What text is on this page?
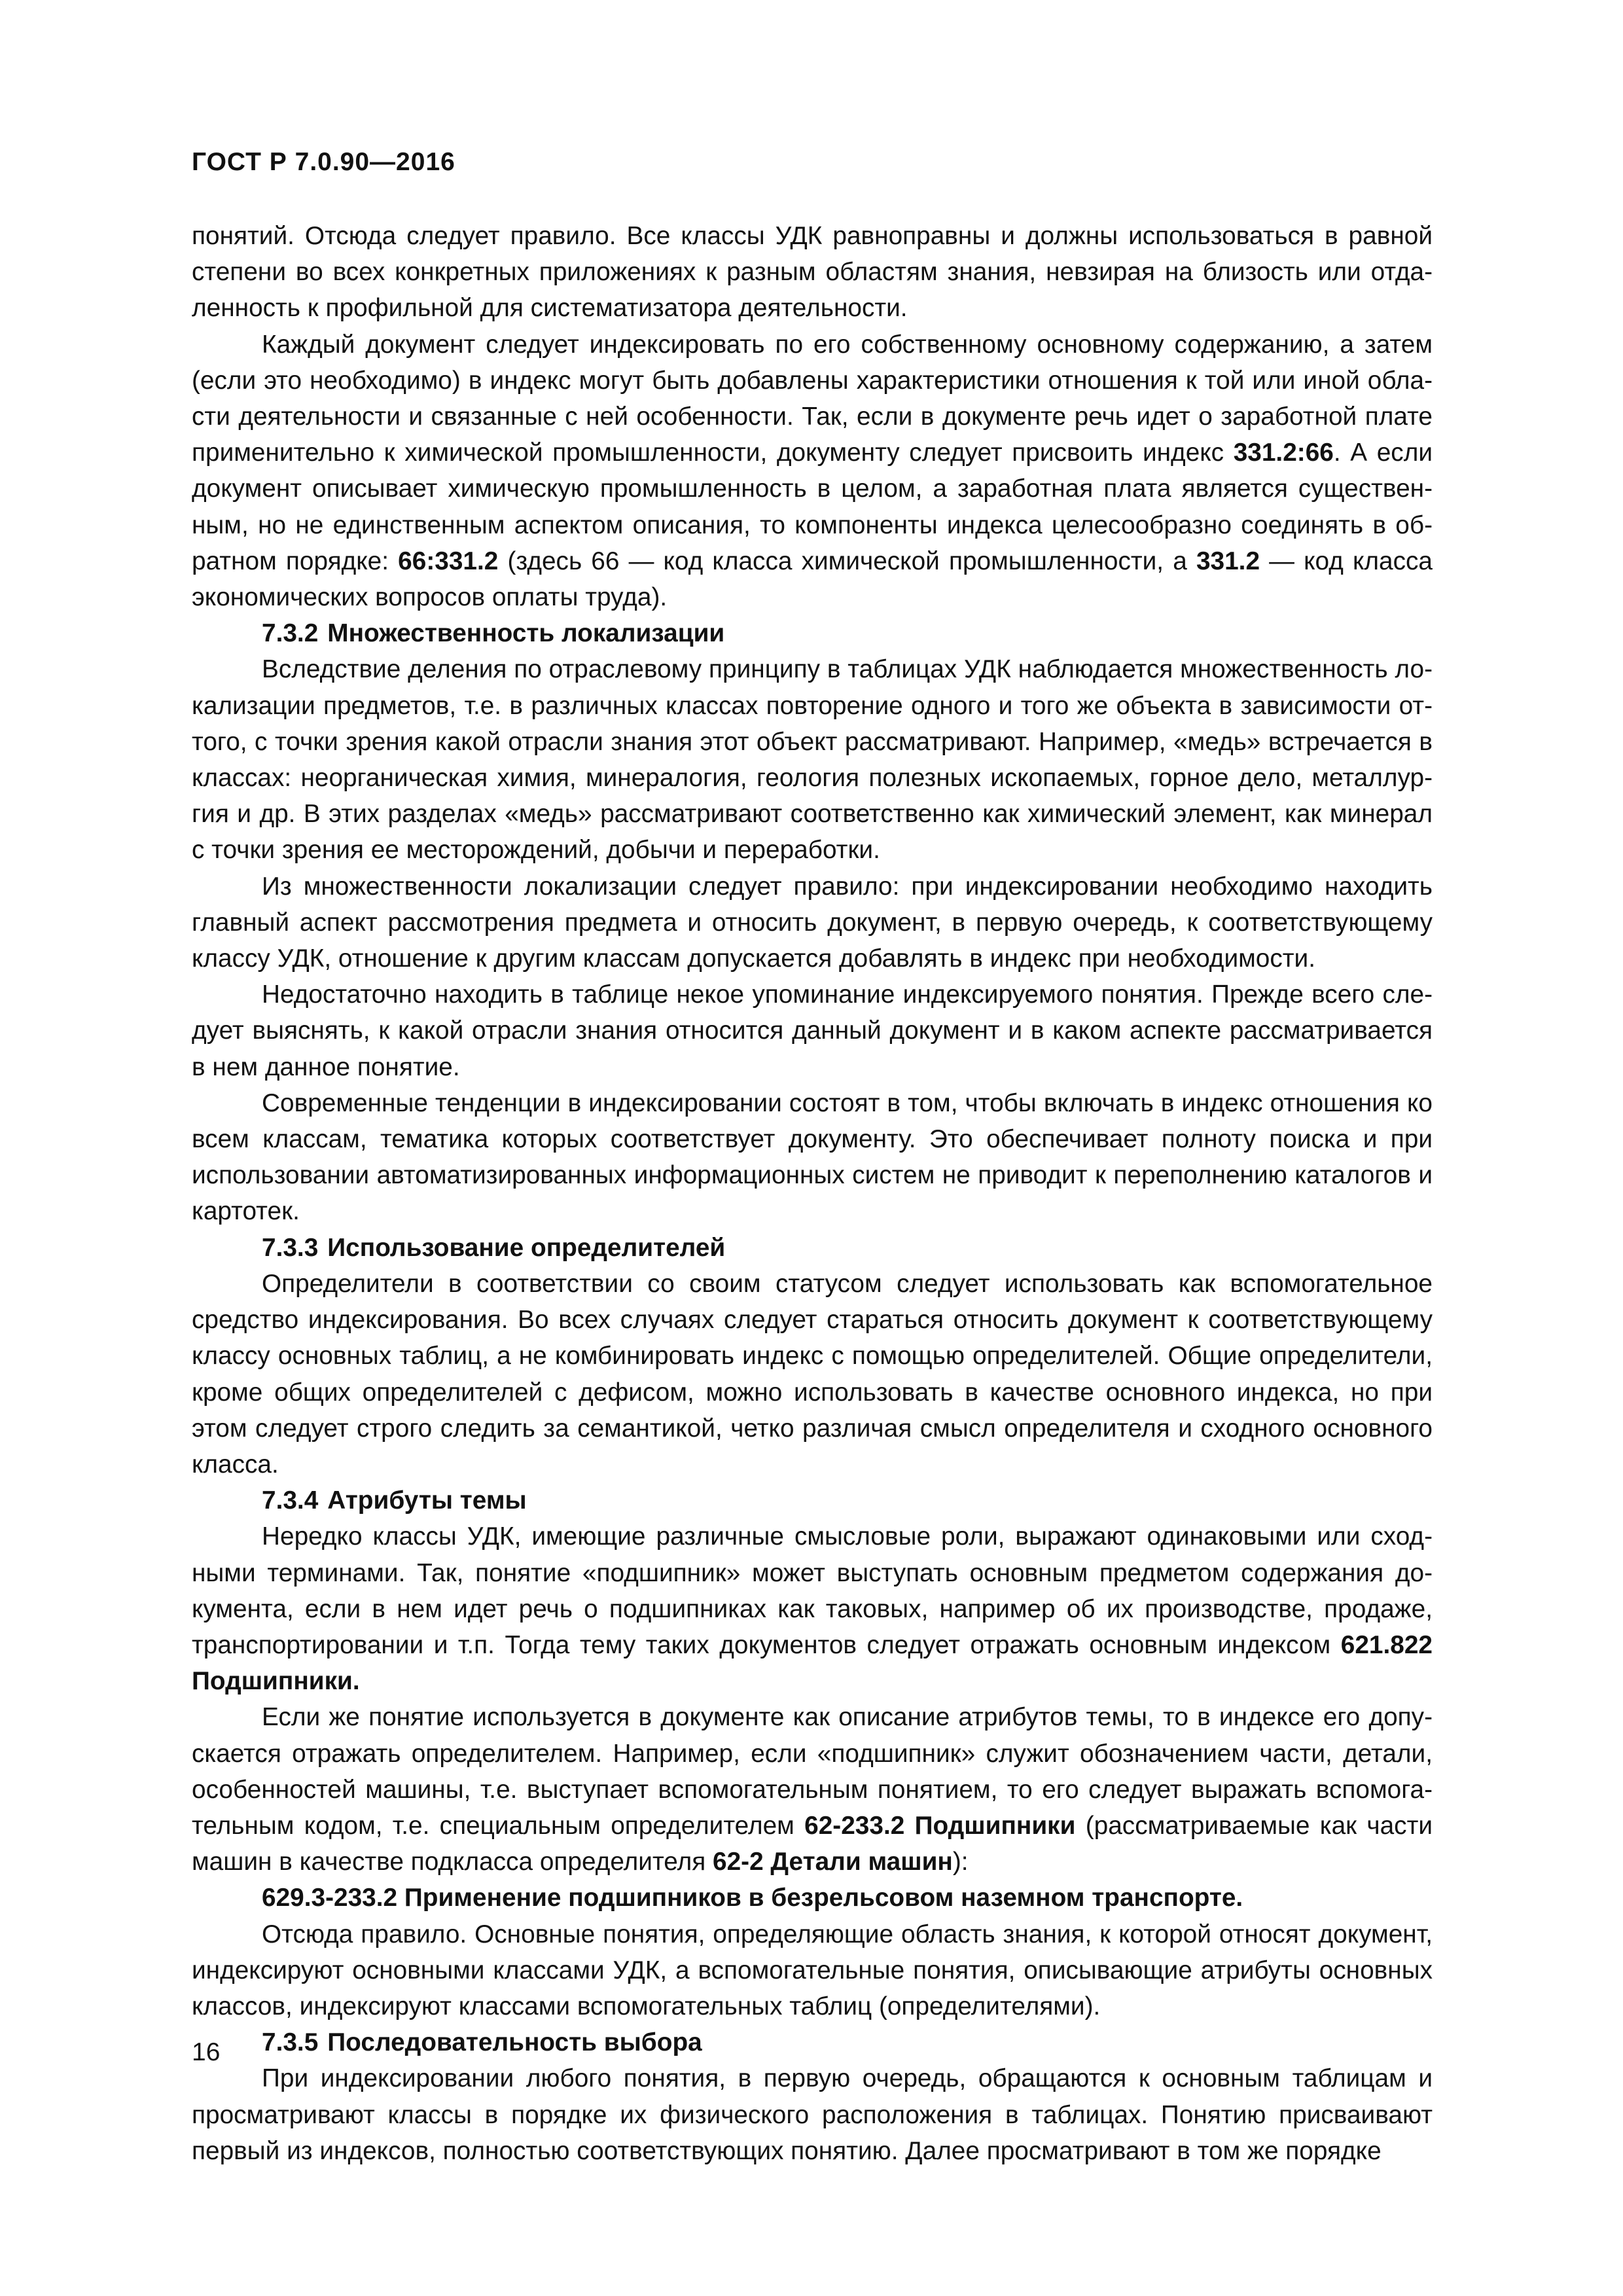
ГОСТ Р 7.0.90—2016

понятий. Отсюда следует правило. Все классы УДК равноправны и должны использоваться в равной степени во всех конкретных приложениях к разным областям знания, невзирая на близость или отдаленность к профильной для систематизатора деятельности.

Каждый документ следует индексировать по его собственному основному содержанию, а затем (если это необходимо) в индекс могут быть добавлены характеристики отношения к той или иной области деятельности и связанные с ней особенности. Так, если в документе речь идет о заработной плате применительно к химической промышленности, документу следует присвоить индекс 331.2:66. А если документ описывает химическую промышленность в целом, а заработная плата является существенным, но не единственным аспектом описания, то компоненты индекса целесообразно соединять в обратном порядке: 66:331.2 (здесь 66 — код класса химической промышленности, а 331.2 — код класса экономических вопросов оплаты труда).

7.3.2 Множественность локализации

Вследствие деления по отраслевому принципу в таблицах УДК наблюдается множественность локализации предметов, т.е. в различных классах повторение одного и того же объекта в зависимости оттого, с точки зрения какой отрасли знания этот объект рассматривают. Например, «медь» встречается в классах: неорганическая химия, минералогия, геология полезных ископаемых, горное дело, металлургия и др. В этих разделах «медь» рассматривают соответственно как химический элемент, как минерал с точки зрения ее месторождений, добычи и переработки.

Из множественности локализации следует правило: при индексировании необходимо находить главный аспект рассмотрения предмета и относить документ, в первую очередь, к соответствующему классу УДК, отношение к другим классам допускается добавлять в индекс при необходимости.

Недостаточно находить в таблице некое упоминание индексируемого понятия. Прежде всего следует выяснять, к какой отрасли знания относится данный документ и в каком аспекте рассматривается в нем данное понятие.

Современные тенденции в индексировании состоят в том, чтобы включать в индекс отношения ко всем классам, тематика которых соответствует документу. Это обеспечивает полноту поиска и при использовании автоматизированных информационных систем не приводит к переполнению каталогов и картотек.

7.3.3 Использование определителей

Определители в соответствии со своим статусом следует использовать как вспомогательное средство индексирования. Во всех случаях следует стараться относить документ к соответствующему классу основных таблиц, а не комбинировать индекс с помощью определителей. Общие определители, кроме общих определителей с дефисом, можно использовать в качестве основного индекса, но при этом следует строго следить за семантикой, четко различая смысл определителя и сходного основного класса.

7.3.4 Атрибуты темы

Нередко классы УДК, имеющие различные смысловые роли, выражают одинаковыми или сходными терминами. Так, понятие «подшипник» может выступать основным предметом содержания документа, если в нем идет речь о подшипниках как таковых, например об их производстве, продаже, транспортировании и т.п. Тогда тему таких документов следует отражать основным индексом 621.822 Подшипники.

Если же понятие используется в документе как описание атрибутов темы, то в индексе его допускается отражать определителем. Например, если «подшипник» служит обозначением части, детали, особенностей машины, т.е. выступает вспомогательным понятием, то его следует выражать вспомогательным кодом, т.е. специальным определителем 62-233.2 Подшипники (рассматриваемые как части машин в качестве подкласса определителя 62-2 Детали машин):

629.3-233.2 Применение подшипников в безрельсовом наземном транспорте.

Отсюда правило. Основные понятия, определяющие область знания, к которой относят документ, индексируют основными классами УДК, а вспомогательные понятия, описывающие атрибуты основных классов, индексируют классами вспомогательных таблиц (определителями).

7.3.5 Последовательность выбора

При индексировании любого понятия, в первую очередь, обращаются к основным таблицам и просматривают классы в порядке их физического расположения в таблицах. Понятию присваивают первый из индексов, полностью соответствующих понятию. Далее просматривают в том же порядке

16
